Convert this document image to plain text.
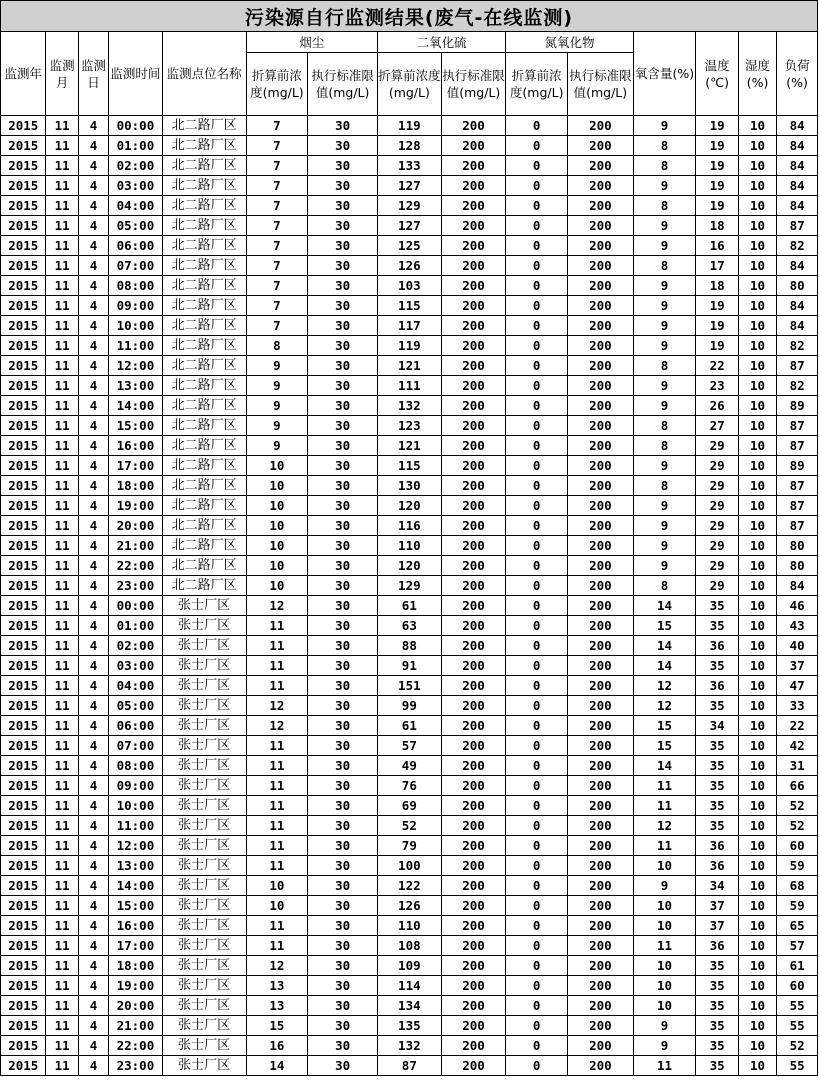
污染源自行监测结果(废气-在线监测)														
监测年	监测月	监测日	监测时间	监测点位名称	烟尘		二氧化硫		氮氧化物		氧含量(%)	温度(℃)	湿度(%)	负荷(%)
					折算前浓度(mg/L)	执行标准限值(mg/L)	折算前浓度(mg/L)	执行标准限值(mg/L)	折算前浓度(mg/L)	执行标准限值(mg/L)				
2015	11	4	00:00	北二路厂区	7	30	119	200	0	200	9	19	10	84
2015	11	4	01:00	北二路厂区	7	30	128	200	0	200	8	19	10	84
2015	11	4	02:00	北二路厂区	7	30	133	200	0	200	8	19	10	84
2015	11	4	03:00	北二路厂区	7	30	127	200	0	200	9	19	10	84
2015	11	4	04:00	北二路厂区	7	30	129	200	0	200	8	19	10	84
2015	11	4	05:00	北二路厂区	7	30	127	200	0	200	9	18	10	87
2015	11	4	06:00	北二路厂区	7	30	125	200	0	200	9	16	10	82
2015	11	4	07:00	北二路厂区	7	30	126	200	0	200	8	17	10	84
2015	11	4	08:00	北二路厂区	7	30	103	200	0	200	9	18	10	80
2015	11	4	09:00	北二路厂区	7	30	115	200	0	200	9	19	10	84
2015	11	4	10:00	北二路厂区	7	30	117	200	0	200	9	19	10	84
2015	11	4	11:00	北二路厂区	8	30	119	200	0	200	9	19	10	82
2015	11	4	12:00	北二路厂区	9	30	121	200	0	200	8	22	10	87
2015	11	4	13:00	北二路厂区	9	30	111	200	0	200	9	23	10	82
2015	11	4	14:00	北二路厂区	9	30	132	200	0	200	9	26	10	89
2015	11	4	15:00	北二路厂区	9	30	123	200	0	200	8	27	10	87
2015	11	4	16:00	北二路厂区	9	30	121	200	0	200	8	29	10	87
2015	11	4	17:00	北二路厂区	10	30	115	200	0	200	9	29	10	89
2015	11	4	18:00	北二路厂区	10	30	130	200	0	200	8	29	10	87
2015	11	4	19:00	北二路厂区	10	30	120	200	0	200	9	29	10	87
2015	11	4	20:00	北二路厂区	10	30	116	200	0	200	9	29	10	87
2015	11	4	21:00	北二路厂区	10	30	110	200	0	200	9	29	10	80
2015	11	4	22:00	北二路厂区	10	30	120	200	0	200	9	29	10	80
2015	11	4	23:00	北二路厂区	10	30	129	200	0	200	8	29	10	84
2015	11	4	00:00	张士厂区	12	30	61	200	0	200	14	35	10	46
2015	11	4	01:00	张士厂区	11	30	63	200	0	200	15	35	10	43
2015	11	4	02:00	张士厂区	11	30	88	200	0	200	14	36	10	40
2015	11	4	03:00	张士厂区	11	30	91	200	0	200	14	35	10	37
2015	11	4	04:00	张士厂区	11	30	151	200	0	200	12	36	10	47
2015	11	4	05:00	张士厂区	12	30	99	200	0	200	12	35	10	33
2015	11	4	06:00	张士厂区	12	30	61	200	0	200	15	34	10	22
2015	11	4	07:00	张士厂区	11	30	57	200	0	200	15	35	10	42
2015	11	4	08:00	张士厂区	11	30	49	200	0	200	14	35	10	31
2015	11	4	09:00	张士厂区	11	30	76	200	0	200	11	35	10	66
2015	11	4	10:00	张士厂区	11	30	69	200	0	200	11	35	10	52
2015	11	4	11:00	张士厂区	11	30	52	200	0	200	12	35	10	52
2015	11	4	12:00	张士厂区	11	30	79	200	0	200	11	36	10	60
2015	11	4	13:00	张士厂区	11	30	100	200	0	200	10	36	10	59
2015	11	4	14:00	张士厂区	10	30	122	200	0	200	9	34	10	68
2015	11	4	15:00	张士厂区	10	30	126	200	0	200	10	37	10	59
2015	11	4	16:00	张士厂区	11	30	110	200	0	200	10	37	10	65
2015	11	4	17:00	张士厂区	11	30	108	200	0	200	11	36	10	57
2015	11	4	18:00	张士厂区	12	30	109	200	0	200	10	35	10	61
2015	11	4	19:00	张士厂区	13	30	114	200	0	200	10	35	10	60
2015	11	4	20:00	张士厂区	13	30	134	200	0	200	10	35	10	55
2015	11	4	21:00	张士厂区	15	30	135	200	0	200	9	35	10	55
2015	11	4	22:00	张士厂区	16	30	132	200	0	200	9	35	10	52
2015	11	4	23:00	张士厂区	14	30	87	200	0	200	11	35	10	55
